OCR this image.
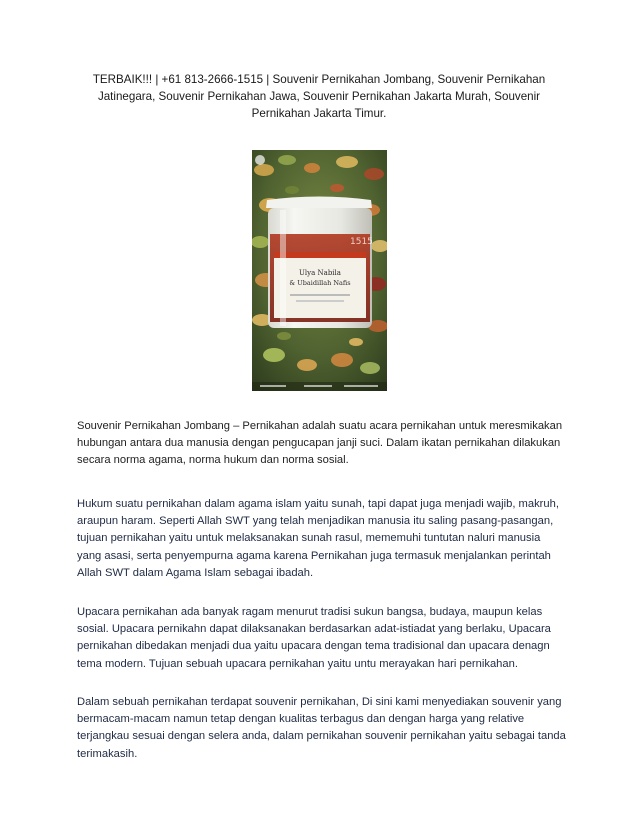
TERBAIK!!! | +61 813-2666-1515 | Souvenir Pernikahan Jombang, Souvenir Pernikahan Jatinegara, Souvenir Pernikahan Jawa, Souvenir Pernikahan Jakarta Murah, Souvenir Pernikahan Jakarta Timur.
Ulya Nabila
& Ubaidillah Nafis
1515

Souvenir Pernikahan Jombang – Pernikahan adalah suatu acara pernikahan untuk meresmikakan hubungan antara dua manusia dengan pengucapan janji suci. Dalam ikatan pernikahan dilakukan secara norma agama, norma hukum dan norma sosial.

Hukum suatu pernikahan dalam agama islam yaitu sunah, tapi dapat juga menjadi wajib, makruh, araupun haram. Seperti Allah SWT yang telah menjadikan manusia itu saling pasang-pasangan, tujuan pernikahan yaitu untuk melaksanakan sunah rasul, mememuhi tuntutan naluri manusia yang asasi, serta penyempurna agama karena Pernikahan juga termasuk menjalankan perintah Allah SWT dalam Agama Islam sebagai ibadah.

Upacara pernikahan ada banyak ragam menurut tradisi sukun bangsa, budaya, maupun kelas sosial. Upacara pernikahn dapat dilaksanakan berdasarkan adat-istiadat yang berlaku, Upacara pernikahan dibedakan menjadi dua yaitu upacara dengan tema tradisional dan upacara denagn tema modern. Tujuan sebuah upacara pernikahan yaitu untu merayakan hari pernikahan.

Dalam sebuah pernikahan terdapat souvenir pernikahan, Di sini kami menyediakan souvenir yang bermacam-macam namun tetap dengan kualitas terbagus dan dengan harga yang relative terjangkau sesuai dengan selera anda, dalam pernikahan souvenir pernikahan yaitu sebagai tanda terimakasih.
